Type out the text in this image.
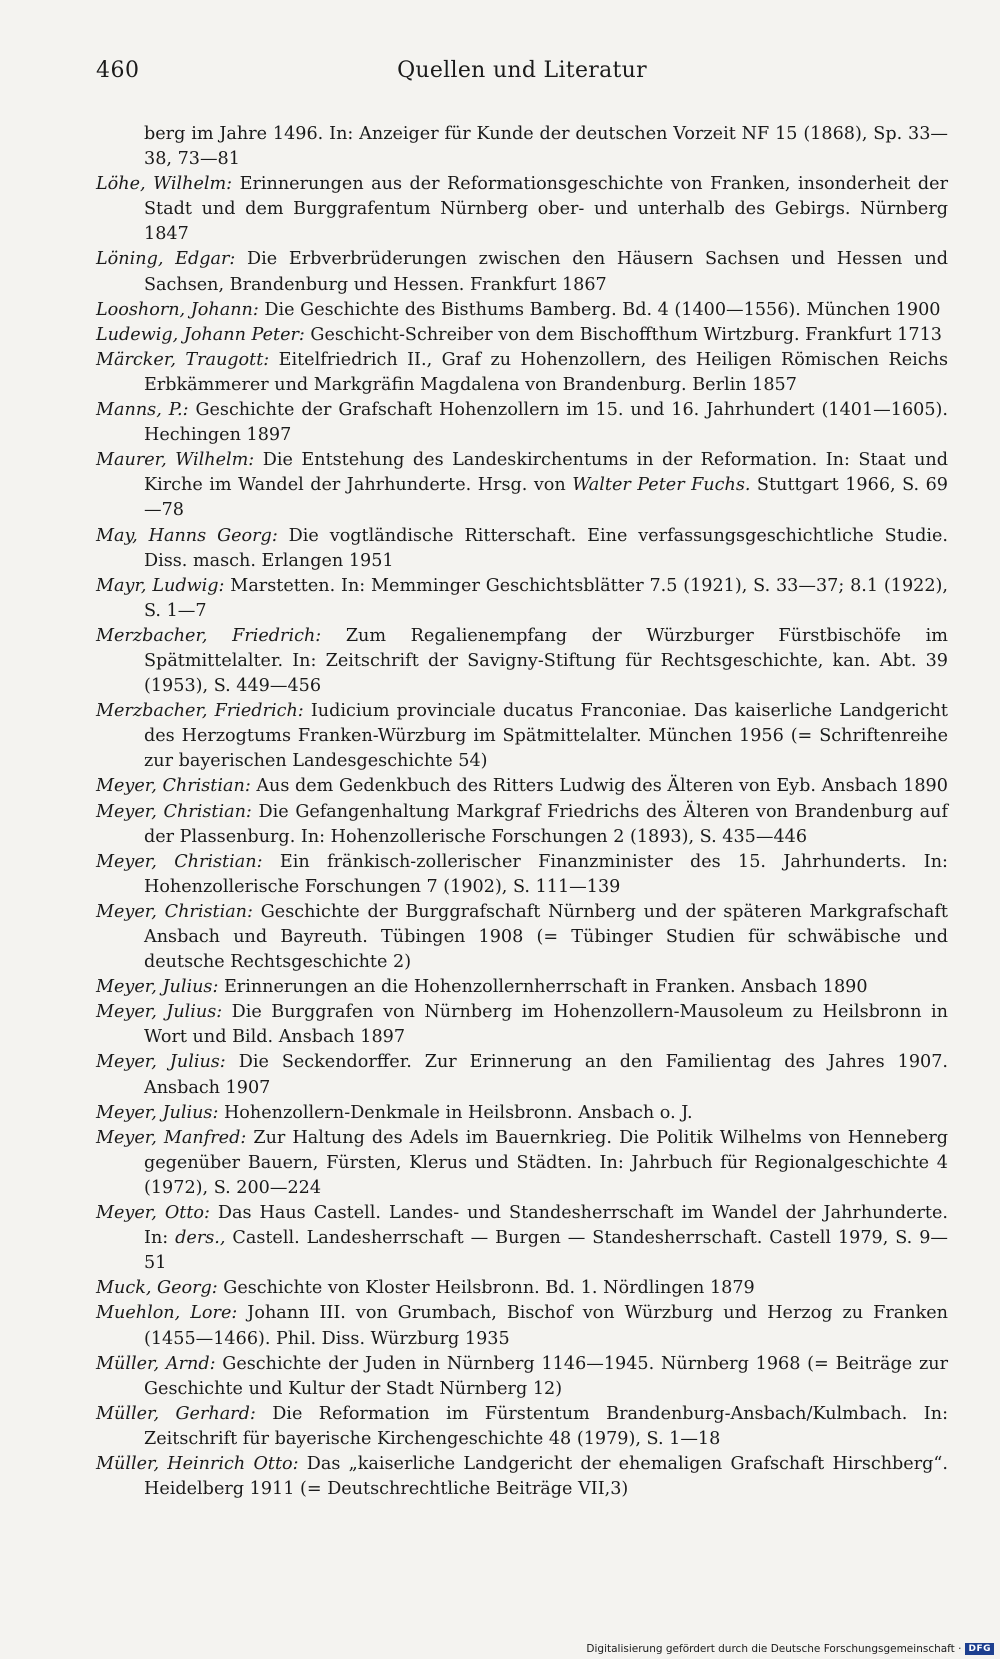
460	Quellen und Literatur

berg im Jahre 1496. In: Anzeiger für Kunde der deutschen Vorzeit NF 15 (1868), Sp. 33—38, 73—81

Löhe, Wilhelm: Erinnerungen aus der Reformationsgeschichte von Franken, insonderheit der Stadt und dem Burggrafentum Nürnberg ober- und unterhalb des Gebirgs. Nürnberg 1847

Löning, Edgar: Die Erbverbrüderungen zwischen den Häusern Sachsen und Hessen und Sachsen, Brandenburg und Hessen. Frankfurt 1867

Looshorn, Johann: Die Geschichte des Bisthums Bamberg. Bd. 4 (1400—1556). München 1900

Ludewig, Johann Peter: Geschicht-Schreiber von dem Bischoffthum Wirtzburg. Frankfurt 1713

Märcker, Traugott: Eitelfriedrich II., Graf zu Hohenzollern, des Heiligen Römischen Reichs Erbkämmerer und Markgräfin Magdalena von Brandenburg. Berlin 1857

Manns, P.: Geschichte der Grafschaft Hohenzollern im 15. und 16. Jahrhundert (1401—1605). Hechingen 1897

Maurer, Wilhelm: Die Entstehung des Landeskirchentums in der Reformation. In: Staat und Kirche im Wandel der Jahrhunderte. Hrsg. von Walter Peter Fuchs. Stuttgart 1966, S. 69—78

May, Hanns Georg: Die vogtländische Ritterschaft. Eine verfassungsgeschichtliche Studie. Diss. masch. Erlangen 1951

Mayr, Ludwig: Marstetten. In: Memminger Geschichtsblätter 7.5 (1921), S. 33—37; 8.1 (1922), S. 1—7

Merzbacher, Friedrich: Zum Regalienempfang der Würzburger Fürstbischöfe im Spätmittelalter. In: Zeitschrift der Savigny-Stiftung für Rechtsgeschichte, kan. Abt. 39 (1953), S. 449—456

Merzbacher, Friedrich: Iudicium provinciale ducatus Franconiae. Das kaiserliche Landgericht des Herzogtums Franken-Würzburg im Spätmittelalter. München 1956 (= Schriftenreihe zur bayerischen Landesgeschichte 54)

Meyer, Christian: Aus dem Gedenkbuch des Ritters Ludwig des Älteren von Eyb. Ansbach 1890

Meyer, Christian: Die Gefangenhaltung Markgraf Friedrichs des Älteren von Brandenburg auf der Plassenburg. In: Hohenzollerische Forschungen 2 (1893), S. 435—446

Meyer, Christian: Ein fränkisch-zollerischer Finanzminister des 15. Jahrhunderts. In: Hohenzollerische Forschungen 7 (1902), S. 111—139

Meyer, Christian: Geschichte der Burggrafschaft Nürnberg und der späteren Markgrafschaft Ansbach und Bayreuth. Tübingen 1908 (= Tübinger Studien für schwäbische und deutsche Rechtsgeschichte 2)

Meyer, Julius: Erinnerungen an die Hohenzollernherrschaft in Franken. Ansbach 1890

Meyer, Julius: Die Burggrafen von Nürnberg im Hohenzollern-Mausoleum zu Heilsbronn in Wort und Bild. Ansbach 1897

Meyer, Julius: Die Seckendorffer. Zur Erinnerung an den Familientag des Jahres 1907. Ansbach 1907

Meyer, Julius: Hohenzollern-Denkmale in Heilsbronn. Ansbach o. J.

Meyer, Manfred: Zur Haltung des Adels im Bauernkrieg. Die Politik Wilhelms von Henneberg gegenüber Bauern, Fürsten, Klerus und Städten. In: Jahrbuch für Regionalgeschichte 4 (1972), S. 200—224

Meyer, Otto: Das Haus Castell. Landes- und Standesherrschaft im Wandel der Jahrhunderte. In: ders., Castell. Landesherrschaft — Burgen — Standesherrschaft. Castell 1979, S. 9—51

Muck, Georg: Geschichte von Kloster Heilsbronn. Bd. 1. Nördlingen 1879

Muehlon, Lore: Johann III. von Grumbach, Bischof von Würzburg und Herzog zu Franken (1455—1466). Phil. Diss. Würzburg 1935

Müller, Arnd: Geschichte der Juden in Nürnberg 1146—1945. Nürnberg 1968 (= Beiträge zur Geschichte und Kultur der Stadt Nürnberg 12)

Müller, Gerhard: Die Reformation im Fürstentum Brandenburg-Ansbach/Kulmbach. In: Zeitschrift für bayerische Kirchengeschichte 48 (1979), S. 1—18

Müller, Heinrich Otto: Das „kaiserliche Landgericht der ehemaligen Grafschaft Hirschberg“. Heidelberg 1911 (= Deutschrechtliche Beiträge VII,3)

Digitalisierung gefördert durch die Deutsche Forschungsgemeinschaft · DFG
